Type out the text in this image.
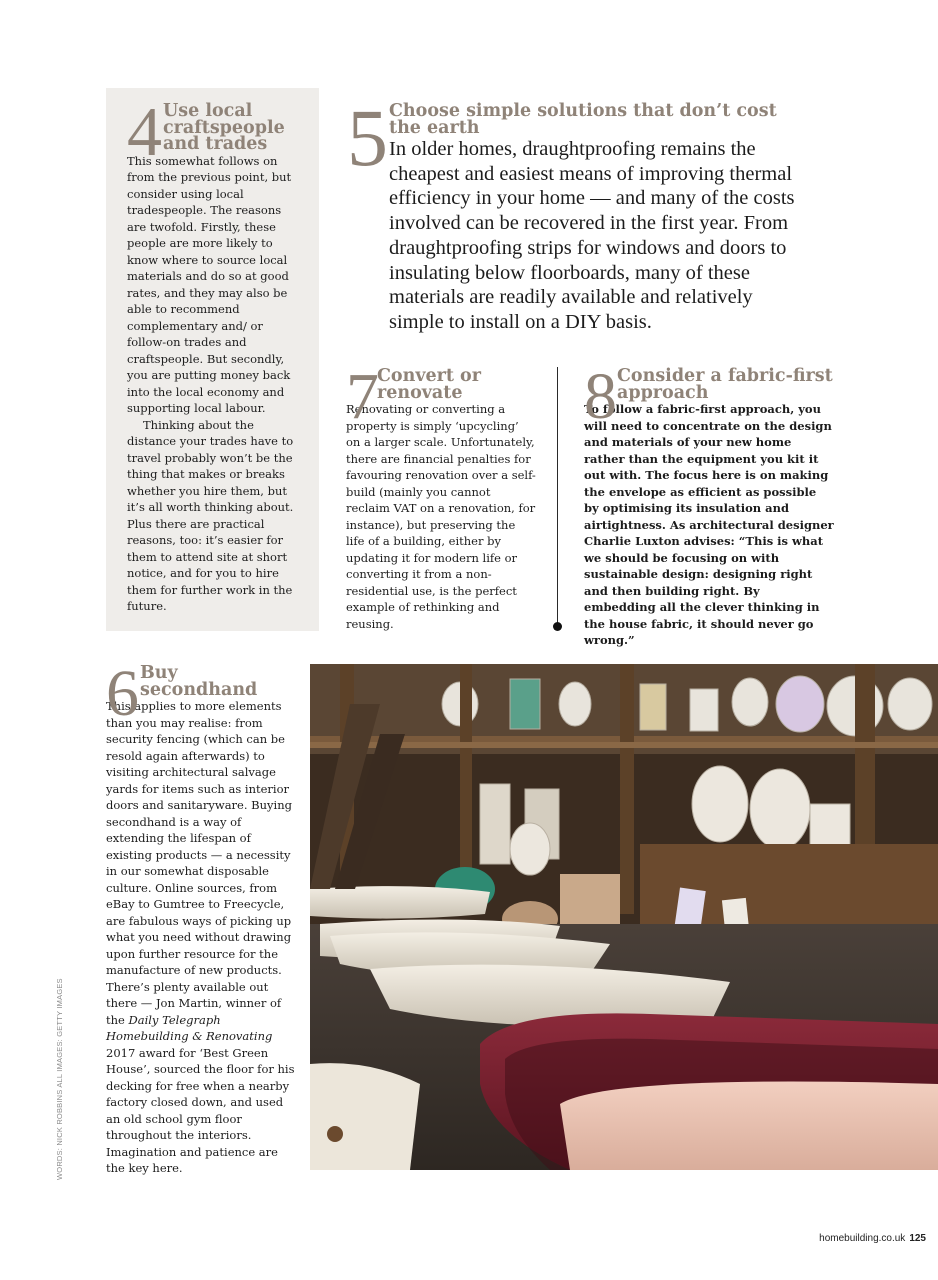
4 Use local craftspeople and trades

This somewhat follows on from the previous point, but consider using local tradespeople. The reasons are twofold. Firstly, these people are more likely to know where to source local materials and do so at good rates, and they may also be able to recommend complementary and/ or follow-on trades and craftspeople. But secondly, you are putting money back into the local economy and supporting local labour.

Thinking about the distance your trades have to travel probably won’t be the thing that makes or breaks whether you hire them, but it’s all worth thinking about. Plus there are practical reasons, too: it’s easier for them to attend site at short notice, and for you to hire them for further work in the future.

5 Choose simple solutions that don’t cost the earth
In older homes, draughtproofing remains the cheapest and easiest means of improving thermal efficiency in your home — and many of the costs involved can be recovered in the first year. From draughtproofing strips for windows and doors to insulating below floorboards, many of these materials are readily available and relatively simple to install on a DIY basis.
7
Convert or renovate

Renovating or converting a property is simply ‘upcycling’ on a larger scale. Unfortunately, there are financial penalties for favouring renovation over a self-build (mainly you cannot reclaim VAT on a renovation, for instance), but preserving the life of a building, either by updating it for modern life or converting it from a non-residential use, is the perfect example of rethinking and reusing.

8 Consider a fabric-first approach

To follow a fabric-first approach, you will need to concentrate on the design and materials of your new home rather than the equipment you kit it out with. The focus here is on making the envelope as efficient as possible by optimising its insulation and airtightness. As architectural designer Charlie Luxton advises: “This is what we should be focusing on with sustainable design: designing right and then building right. By embedding all the clever thinking in the house fabric, it should never go wrong.”

6 Buy secondhand

This applies to more elements than you may realise: from security fencing (which can be resold again afterwards) to visiting architectural salvage yards for items such as interior doors and sanitaryware. Buying secondhand is a way of extending the lifespan of existing products — a necessity in our somewhat disposable culture. Online sources, from eBay to Gumtree to Freecycle, are fabulous ways of picking up what you need without drawing upon further resource for the manufacture of new products. There’s plenty available out there — Jon Martin, winner of the Daily Telegraph Homebuilding & Renovating 2017 award for ‘Best Green House’, sourced the floor for his decking for free when a nearby factory closed down, and used an old school gym floor throughout the interiors. Imagination and patience are the key here.

WORDS: NICK ROBBINS ALL IMAGES: GETTY IMAGES
homebuilding.co.uk 125
